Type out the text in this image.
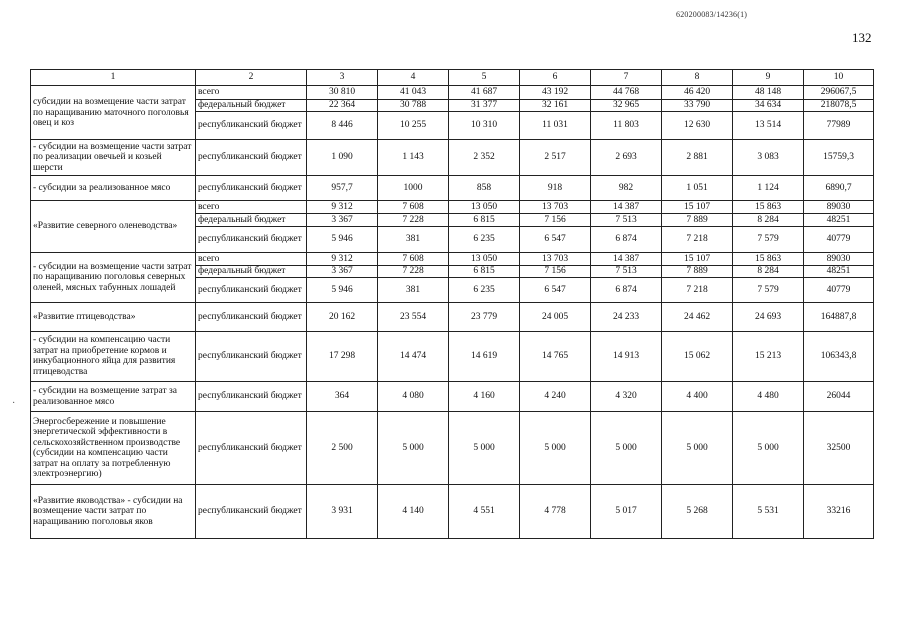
620200083/14236(1)
132
·
1	2	3	4	5	6	7	8	9	10
субсидии на возмещение части затрат по наращиванию маточного поголовья овец и коз	всего	30 810	41 043	41 687	43 192	44 768	46 420	48 148	296067,5
	федеральный бюджет	22 364	30 788	31 377	32 161	32 965	33 790	34 634	218078,5
	республиканский бюджет	8 446	10 255	10 310	11 031	11 803	12 630	13 514	77989
- субсидии на возмещение части затрат по реализации овечьей и козьей шерсти	республиканский бюджет	1 090	1 143	2 352	2 517	2 693	2 881	3 083	15759,3
- субсидии за реализованное мясо	республиканский бюджет	957,7	1000	858	918	982	1 051	1 124	6890,7
«Развитие северного оленеводства»	всего	9 312	7 608	13 050	13 703	14 387	15 107	15 863	89030
	федеральный бюджет	3 367	7 228	6 815	7 156	7 513	7 889	8 284	48251
	республиканский бюджет	5 946	381	6 235	6 547	6 874	7 218	7 579	40779
- субсидии на возмещение части затрат по наращиванию поголовья северных оленей, мясных табунных лошадей	всего	9 312	7 608	13 050	13 703	14 387	15 107	15 863	89030
	федеральный бюджет	3 367	7 228	6 815	7 156	7 513	7 889	8 284	48251
	республиканский бюджет	5 946	381	6 235	6 547	6 874	7 218	7 579	40779
«Развитие птицеводства»	республиканский бюджет	20 162	23 554	23 779	24 005	24 233	24 462	24 693	164887,8
- субсидии на компенсацию части затрат на приобретение кормов и инкубационного яйца для развития птицеводства	республиканский бюджет	17 298	14 474	14 619	14 765	14 913	15 062	15 213	106343,8
- субсидии на возмещение затрат за реализованное мясо	республиканский бюджет	364	4 080	4 160	4 240	4 320	4 400	4 480	26044
Энергосбережение и повышение энергетической эффективности в сельскохозяйственном производстве (субсидии на компенсацию части затрат на оплату за потребленную электроэнергию)	республиканский бюджет	2 500	5 000	5 000	5 000	5 000	5 000	5 000	32500
«Развитие яководства» - субсидии на возмещение части затрат по наращиванию поголовья яков	республиканский бюджет	3 931	4 140	4 551	4 778	5 017	5 268	5 531	33216
